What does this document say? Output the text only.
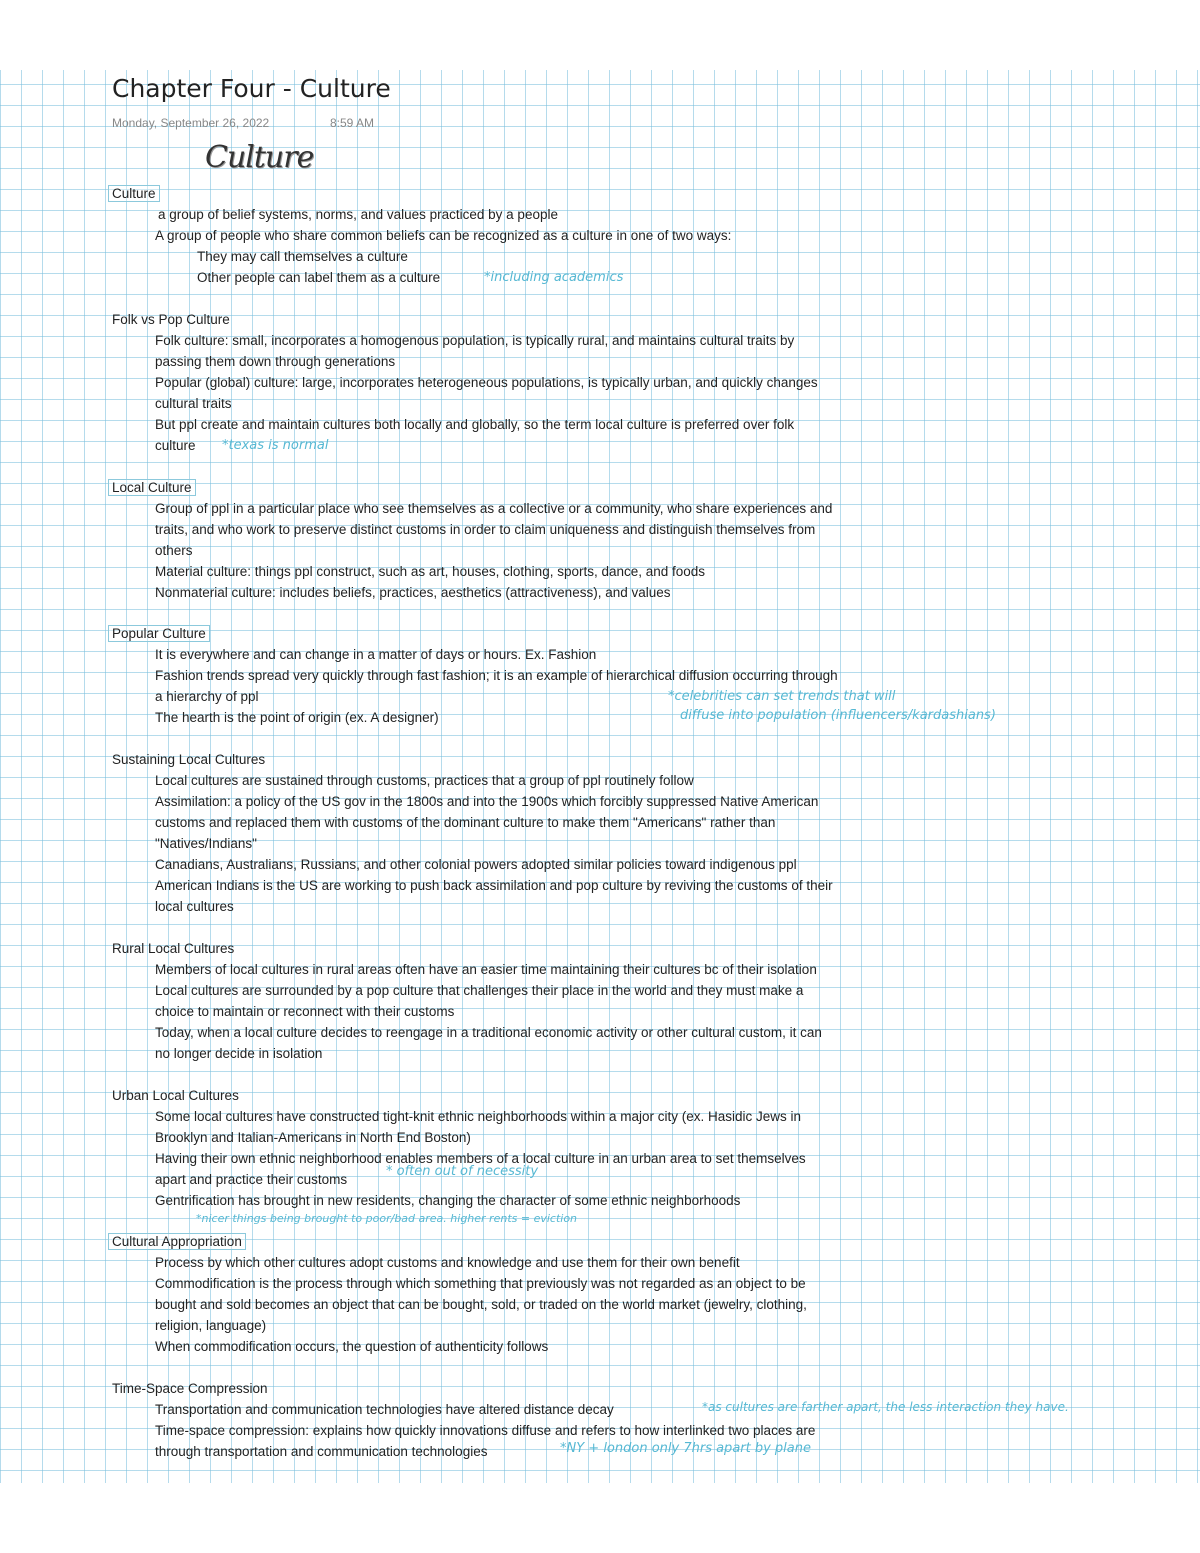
Chapter Four - Culture
Monday, September 26, 2022	8:59 AM
Culture
Culture
a group of belief systems, norms, and values practiced by a people
A group of people who share common beliefs can be recognized as a culture in one of two ways:
They may call themselves a culture
Other people can label them as a culture	*including academics
Folk vs Pop Culture
Folk culture: small, incorporates a homogenous population, is typically rural, and maintains cultural traits by
passing them down through generations
Popular (global) culture: large, incorporates heterogeneous populations, is typically urban, and quickly changes
cultural traits
But ppl create and maintain cultures both locally and globally, so the term local culture is preferred over folk
culture *texas is normal
Local Culture
Group of ppl in a particular place who see themselves as a collective or a community, who share experiences and
traits, and who work to preserve distinct customs in order to claim uniqueness and distinguish themselves from
others
Material culture: things ppl construct, such as art, houses, clothing, sports, dance, and foods
Nonmaterial culture: includes beliefs, practices, aesthetics (attractiveness), and values
Popular Culture
It is everywhere and can change in a matter of days or hours. Ex. Fashion
Fashion trends spread very quickly through fast fashion; it is an example of hierarchical diffusion occurring through
a hierarchy of ppl
The hearth is the point of origin (ex. A designer)
*celebrities can set trends that will
diffuse into population (influencers/kardashians)
Sustaining Local Cultures
Local cultures are sustained through customs, practices that a group of ppl routinely follow
Assimilation: a policy of the US gov in the 1800s and into the 1900s which forcibly suppressed Native American
customs and replaced them with customs of the dominant culture to make them "Americans" rather than
"Natives/Indians"
Canadians, Australians, Russians, and other colonial powers adopted similar policies toward indigenous ppl
American Indians is the US are working to push back assimilation and pop culture by reviving the customs of their
local cultures
Rural Local Cultures
Members of local cultures in rural areas often have an easier time maintaining their cultures bc of their isolation
Local cultures are surrounded by a pop culture that challenges their place in the world and they must make a
choice to maintain or reconnect with their customs
Today, when a local culture decides to reengage in a traditional economic activity or other cultural custom, it can
no longer decide in isolation
Urban Local Cultures
Some local cultures have constructed tight-knit ethnic neighborhoods within a major city (ex. Hasidic Jews in
Brooklyn and Italian-Americans in North End Boston)
Having their own ethnic neighborhood enables members of a local culture in an urban area to set themselves
apart and practice their customs
* often out of necessity
Gentrification has brought in new residents, changing the character of some ethnic neighborhoods
*nicer things being brought to poor/bad area. higher rents = eviction
Cultural Appropriation
Process by which other cultures adopt customs and knowledge and use them for their own benefit
Commodification is the process through which something that previously was not regarded as an object to be
bought and sold becomes an object that can be bought, sold, or traded on the world market (jewelry, clothing,
religion, language)
When commodification occurs, the question of authenticity follows
Time-Space Compression
Transportation and communication technologies have altered distance decay	*as cultures are farther apart, the less interaction they have.
Time-space compression: explains how quickly innovations diffuse and refers to how interlinked two places are
through transportation and communication technologies	*NY + london only 7hrs apart by plane
